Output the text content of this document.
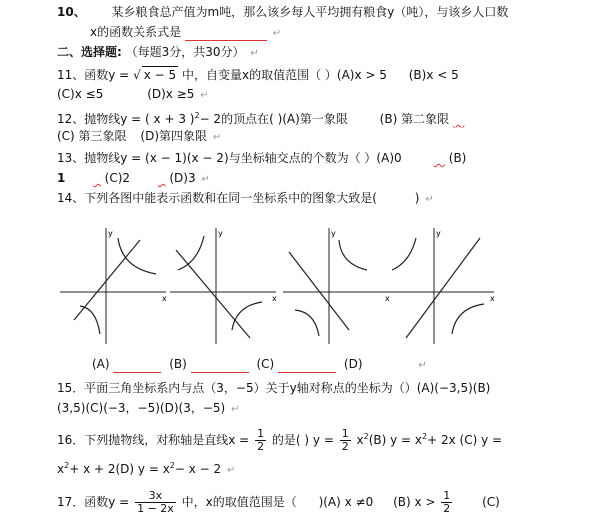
10、 某乡粮食总产值为m吨，那么该乡每人平均拥有粮食y（吨），与该乡人口数
x的函数关系式是	↵
二、选择题: （每题3分，共30分） ↵
11、函数y = √ x − 5 中，自变量x的取值范围（ ）(A)x > 5 (B)x < 5
(C)x ≤5	(D)x ≥5 ↵
12、抛物线y = ( x + 3 )$^2$− 2的顶点在( )(A)第一象限	(B) 第二象限
(C) 第三象限 (D)第四象限 ↵
13、抛物线y = (x − 1)(x − 2)与坐标轴交点的个数为（ ）(A)0	(B)
1	(C)2	(D)3 ↵
14、下列各图中能表示函数和在同一坐标系中的图象大致是(	) ↵
y
x
y
x
y
x
y
x
(A)	(B)	(C)	(D)	↵
15．平面三角坐标系内与点（3，−5）关于y轴对称点的坐标为（）(A)(−3,5)(B)
(3,5)(C)(−3，−5)(D)(3，−5) ↵
16．下列抛物线，对称轴是直线$x = \frac{1}{2}$ 的是( ) $y = \frac{1}{2} x^2(B) y = x^2+ 2x$ (C) y =
$x^2+ x + 2(D) y = x^2- x - 2$ ↵
17．函数$y = \frac{3x}{1 - 2x}$ 中，x的取值范围是（ )(A) x ≠0 (B) $x > \frac{1}{2} (C)$
